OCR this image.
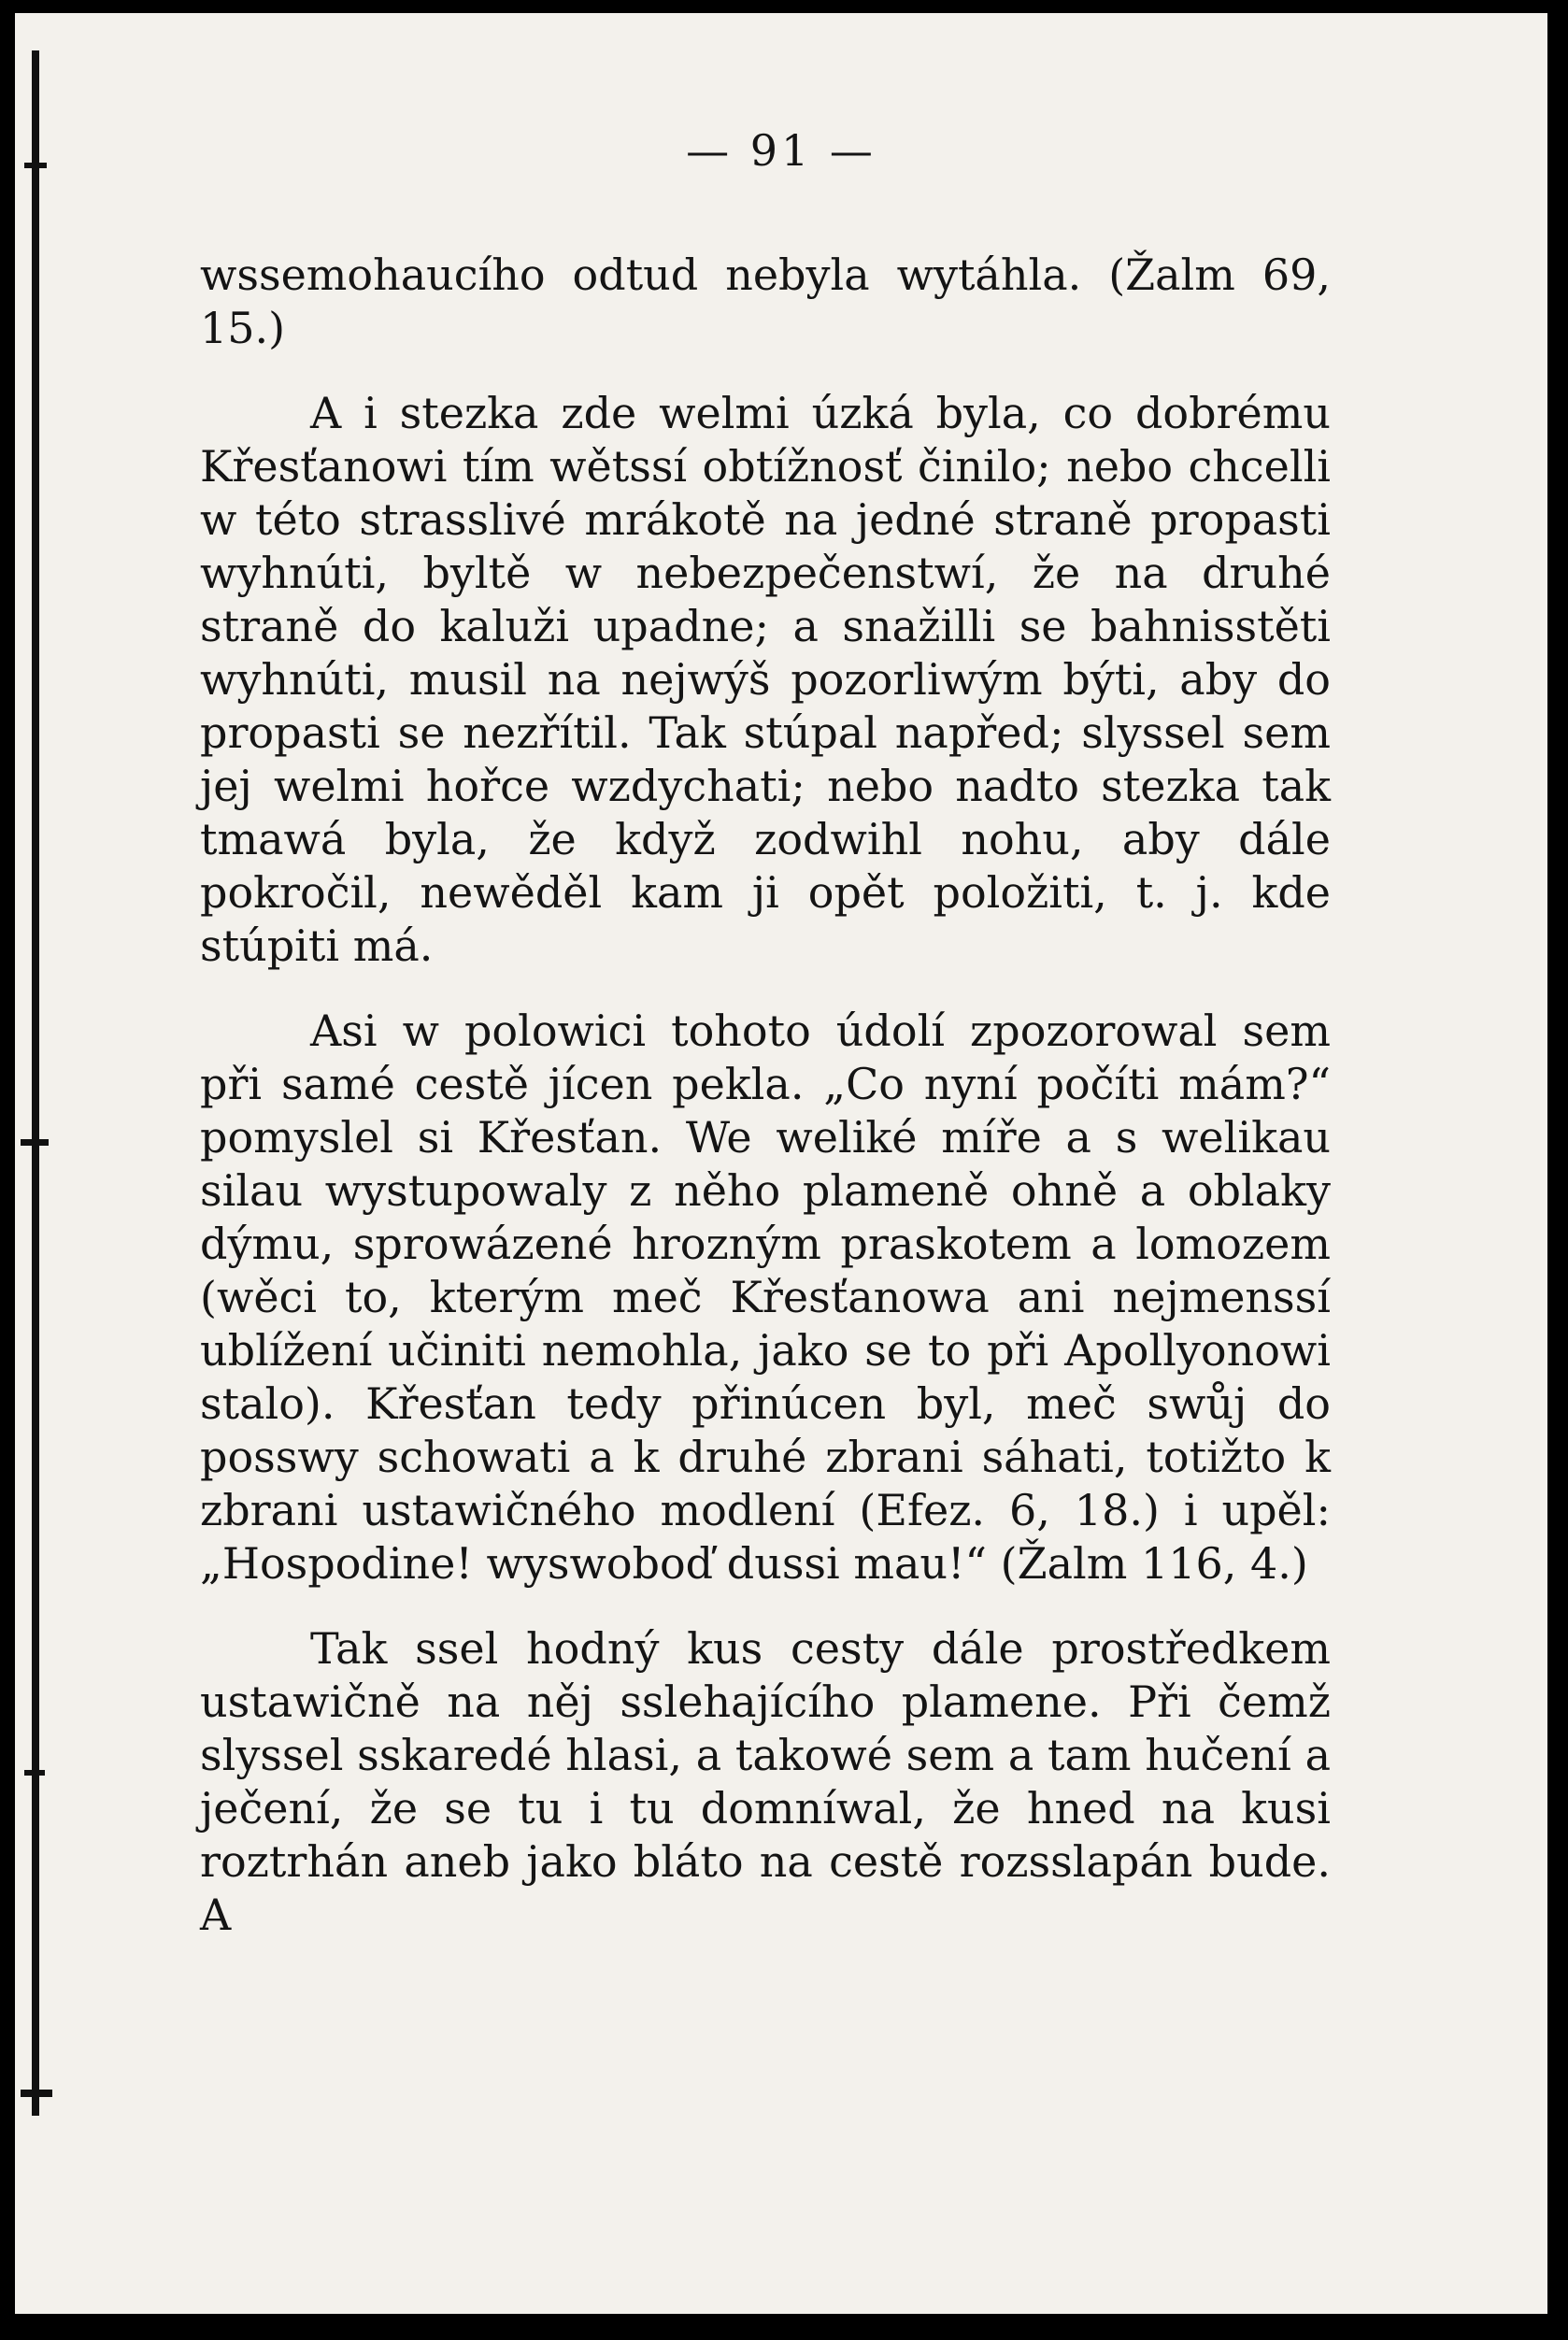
— 91 —

wssemohaucího odtud nebyla wytáhla. (Žalm 69, 15.)

A i stezka zde welmi úzká byla, co dobrému Křesťanowi tím wětssí obtížnosť činilo; nebo chcelli w této strasslivé mrákotě na jedné straně propasti wyhnúti, byltě w nebezpečenstwí, že na druhé straně do kaluži upadne; a snažilli se bahnisstěti wyhnúti, musil na nejwýš pozorliwým býti, aby do propasti se nezřítil. Tak stúpal napřed; slyssel sem jej welmi hořce wzdychati; nebo nadto stezka tak tmawá byla, že když zodwihl nohu, aby dále pokročil, newěděl kam ji opět položiti, t. j. kde stúpiti má.

Asi w polowici tohoto údolí zpozorowal sem při samé cestě jícen pekla. „Co nyní počíti mám?“ pomyslel si Křesťan. We weliké míře a s welikau silau wystupowaly z něho plameně ohně a oblaky dýmu, sprowázené hrozným praskotem a lomozem (wěci to, kterým meč Křesťanowa ani nejmenssí ublížení učiniti nemohla, jako se to při Apollyonowi stalo). Křesťan tedy přinúcen byl, meč swůj do posswy schowati a k druhé zbrani sáhati, totižto k zbrani ustawičného modlení (Efez. 6, 18.) i upěl: „Hospodine! wyswoboď dussi mau!“ (Žalm 116, 4.)

Tak ssel hodný kus cesty dále prostředkem ustawičně na něj sslehajícího plamene. Při čemž slyssel sskaredé hlasi, a takowé sem a tam hučení a ječení, že se tu i tu domníwal, že hned na kusi roztrhán aneb jako bláto na cestě rozsslapán bude. A
